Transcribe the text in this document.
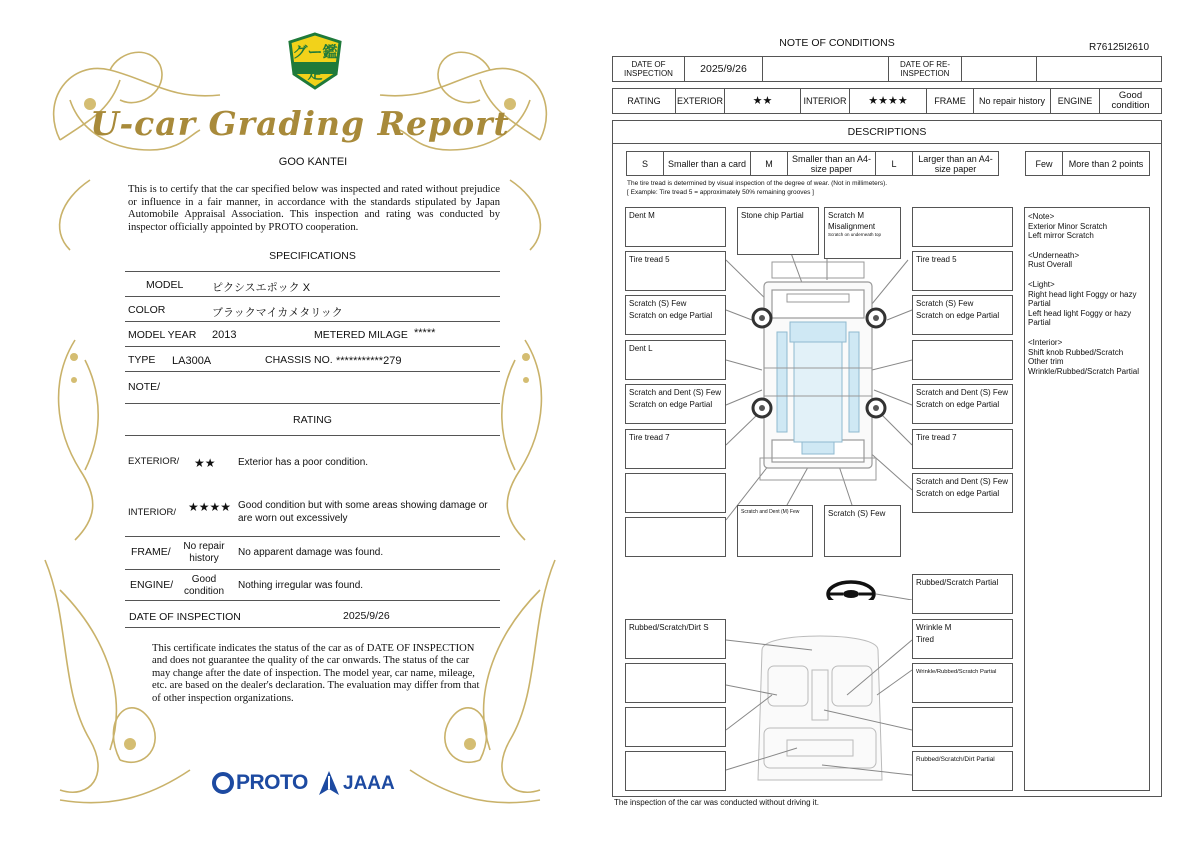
グー鑑定
U-car Grading Report
GOO KANTEI
This is to certify that the car specified below was inspected and rated without prejudice or influence in a fair manner, in accordance with the standards stipulated by Japan Automobile Appraisal Association. This inspection and rating was conducted by inspector officially appointed by PROTO cooperation.
SPECIFICATIONS
MODEL	ピクシスエポック X
COLOR	ブラックマイカメタリック
MODEL YEAR 2013	METERED MILAGE *****
TYPE LA300A	CHASSIS NO. ***********279
NOTE/
RATING
EXTERIOR/ ★★ Exterior has a poor condition.
INTERIOR/ ★★★★ Good condition but with some areas showing damage or are worn out excessively
FRAME/	No repair history
No apparent damage was found.
ENGINE/	Good condition
Nothing irregular was found.
DATE OF INSPECTION	2025/9/26
This certificate indicates the status of the car as of DATE OF INSPECTION and does not guarantee the quality of the car onwards. The status of the car may change after the date of inspection. The model year, car name, mileage, etc. are based on the dealer's declaration. The evaluation may differ from that of other inspection organizations.
PROTO JAAA
NOTE OF CONDITIONS	R76125I2610
DATE OF INSPECTION	2025/9/26	DATE OF RE-INSPECTION
RATING	EXTERIOR	★★	INTERIOR	★★★★	FRAME	No repair history	ENGINE	Good condition
DESCRIPTIONS
S	Smaller than a card	M	Smaller than an A4-size paper	L	Larger than an A4-size paper	Few	More than 2 points
The tire tread is determined by visual inspection of the degree of wear. (Not in millimeters).
[ Example: Tire tread 5 = approximately 50% remaining grooves ]
Dent M
Tire tread 5
Scratch (S) Few
Scratch on edge Partial
Dent L
Scratch and Dent (S) Few
Scratch on edge Partial
Tire tread 7
Stone chip Partial	Scratch M
Misalignment
Scratch on underneath top
Scratch and Dent (M) Few	Scratch (S) Few
Tire tread 5
Scratch (S) Few
Scratch on edge Partial
Scratch and Dent (S) Few
Scratch on edge Partial
Tire tread 7
Scratch and Dent (S) Few
Scratch on edge Partial
Rubbed/Scratch Partial
Rubbed/Scratch/Dirt S	Wrinkle M
Tired
Wrinkle/Rubbed/Scratch Partial
Rubbed/Scratch/Dirt Partial
<Note>
Exterior Minor Scratch
Left mirror Scratch
<Underneath>
Rust Overall
<Light>
Right head light Foggy or hazy Partial
Left head light Foggy or hazy Partial
<Interior>
Shift knob Rubbed/Scratch
Other trim
Wrinkle/Rubbed/Scratch Partial
The inspection of the car was conducted without driving it.
